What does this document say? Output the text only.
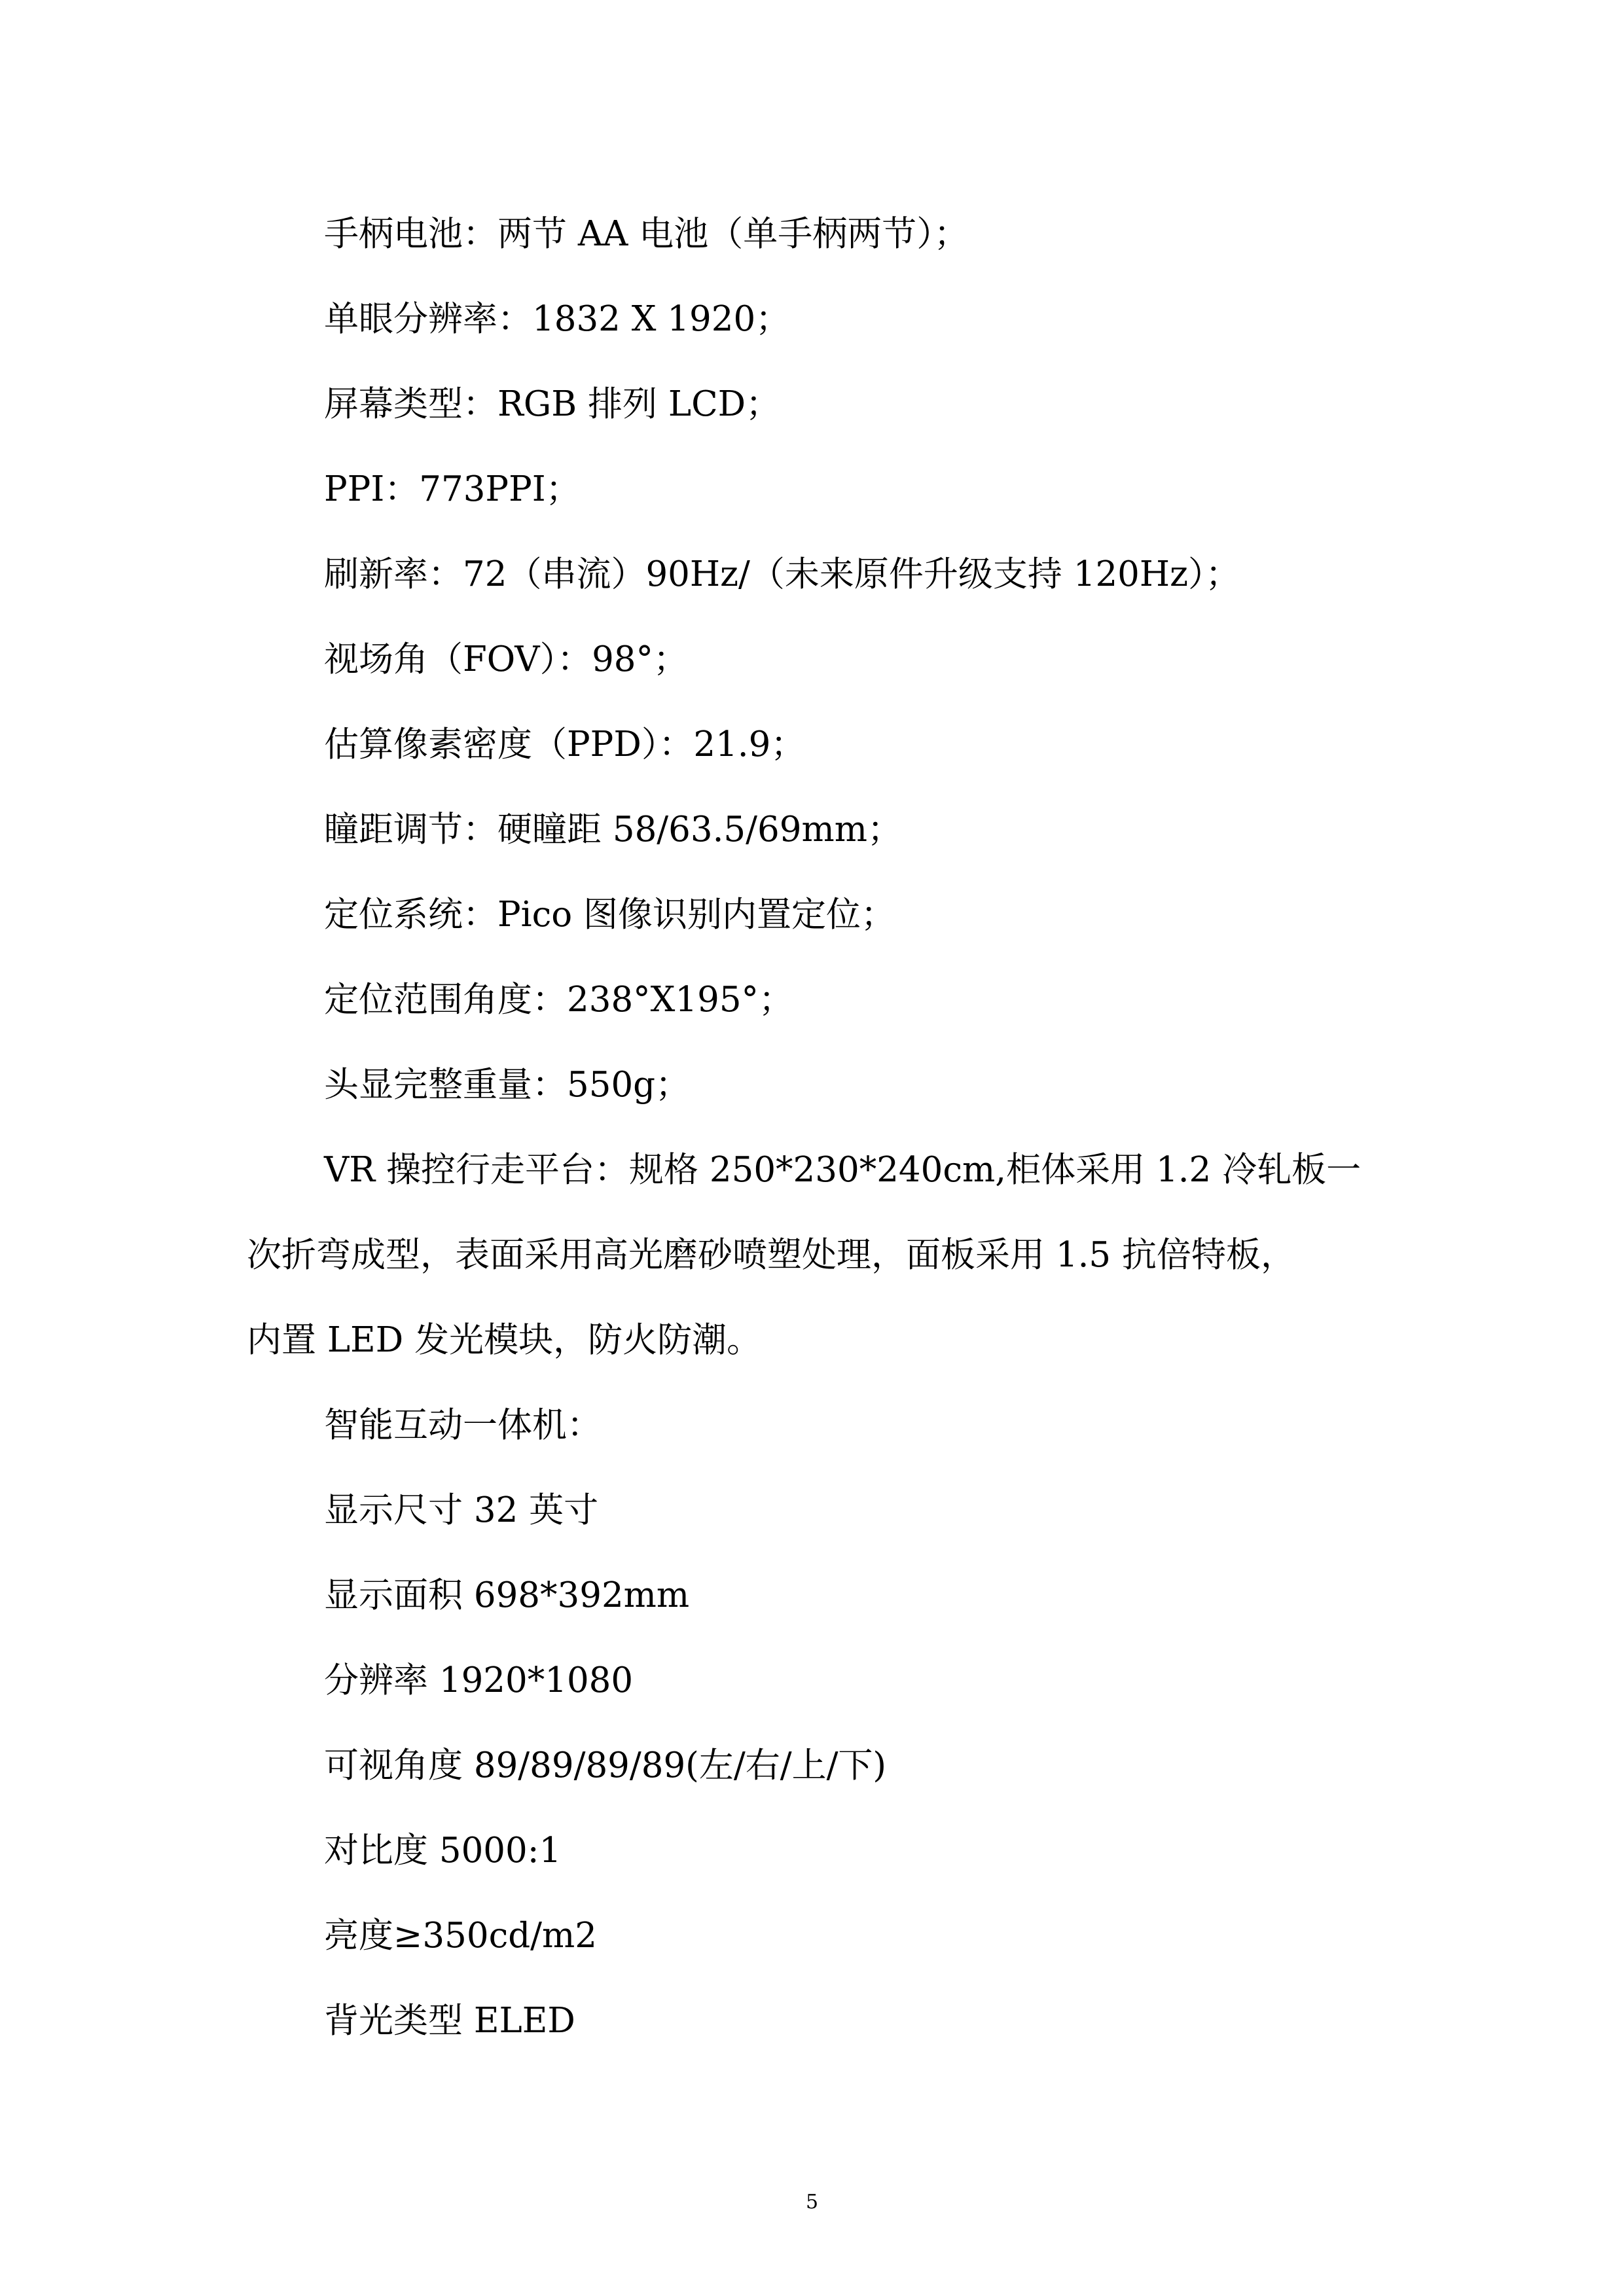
手柄电池：两节 AA 电池（单手柄两节）；
单眼分辨率：1832 X 1920；
屏幕类型：RGB 排列 LCD；
PPI：773PPI；
刷新率：72（串流）90Hz/（未来原件升级支持 120Hz）；
视场角（FOV）：98°；
估算像素密度（PPD）：21.9；
瞳距调节：硬瞳距 58/63.5/69mm；
定位系统：Pico 图像识别内置定位；
定位范围角度：238°X195°；
头显完整重量：550g；
VR 操控行走平台：规格 250*230*240cm,柜体采用 1.2 冷轧板一
次折弯成型，表面采用高光磨砂喷塑处理，面板采用 1.5 抗倍特板，
内置 LED 发光模块，防火防潮。
智能互动一体机：
显示尺寸 32 英寸
显示面积 698*392mm
分辨率 1920*1080
可视角度 89/89/89/89(左/右/上/下)
对比度 5000:1
亮度≥350cd/m2
背光类型 ELED
5
